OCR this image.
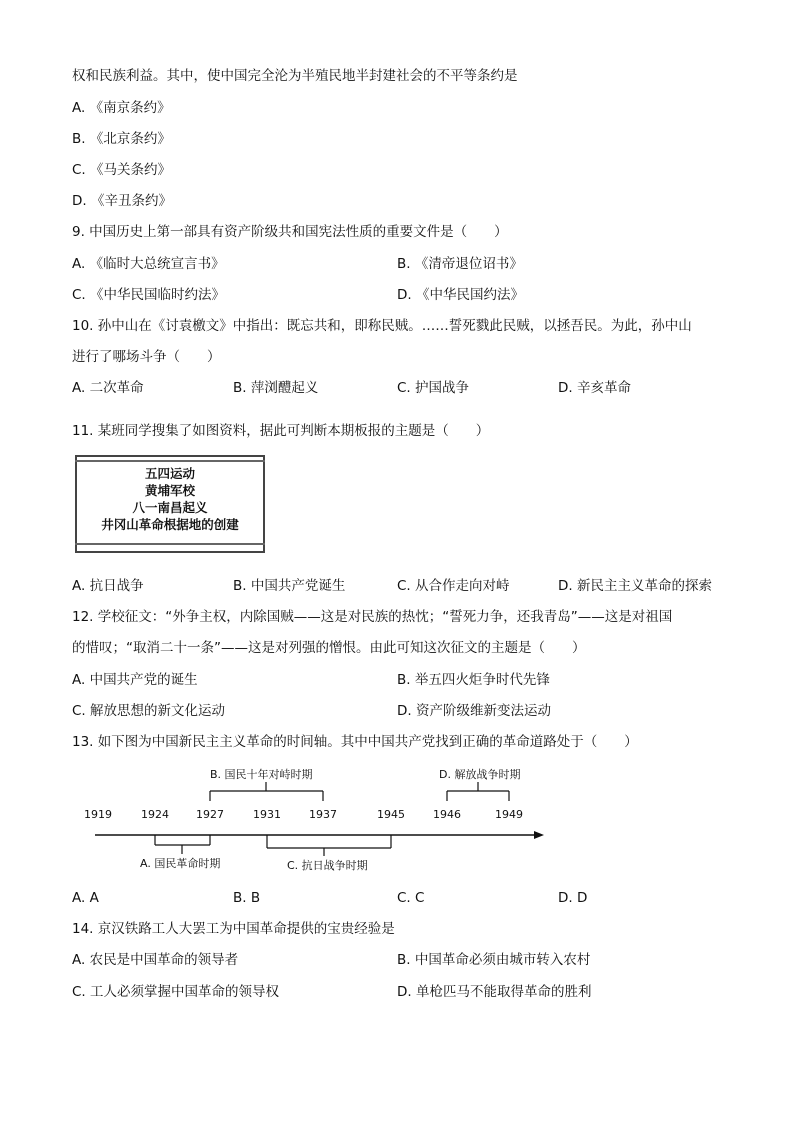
权和民族利益。其中，使中国完全沦为半殖民地半封建社会的不平等条约是
A. 《南京条约》
B. 《北京条约》
C. 《马关条约》
D. 《辛丑条约》
9. 中国历史上第一部具有资产阶级共和国宪法性质的重要文件是（　　）
A. 《临时大总统宣言书》	B. 《清帝退位诏书》
C. 《中华民国临时约法》	D. 《中华民国约法》
10. 孙中山在《讨袁檄文》中指出：既忘共和，即称民贼。……誓死戮此民贼，以拯吾民。为此，孙中山
进行了哪场斗争（　　）
A. 二次革命	B. 萍浏醴起义	C. 护国战争	D. 辛亥革命
11. 某班同学搜集了如图资料，据此可判断本期板报的主题是（　　）
五四运动
黄埔军校
八一南昌起义
井冈山革命根据地的创建
A. 抗日战争	B. 中国共产党诞生	C. 从合作走向对峙	D. 新民主主义革命的探索
12. 学校征文：“外争主权，内除国贼——这是对民族的热忱；“誓死力争，还我青岛”——这是对祖国
的惜叹；“取消二十一条”——这是对列强的憎恨。由此可知这次征文的主题是（　　）
A. 中国共产党的诞生	B. 举五四火炬争时代先锋
C. 解放思想的新文化运动	D. 资产阶级维新变法运动
13. 如下图为中国新民主主义革命的时间轴。其中中国共产党找到正确的革命道路处于（　　）
1919	1924 1927	1931	1937	1945	1946	1949
B. 国民十年对峙时期	D. 解放战争时期
A. 国民革命时期	C. 抗日战争时期
A. A	B. B	C. C	D. D
14. 京汉铁路工人大罢工为中国革命提供的宝贵经验是
A. 农民是中国革命的领导者	B. 中国革命必须由城市转入农村
C. 工人必须掌握中国革命的领导权	D. 单枪匹马不能取得革命的胜利
